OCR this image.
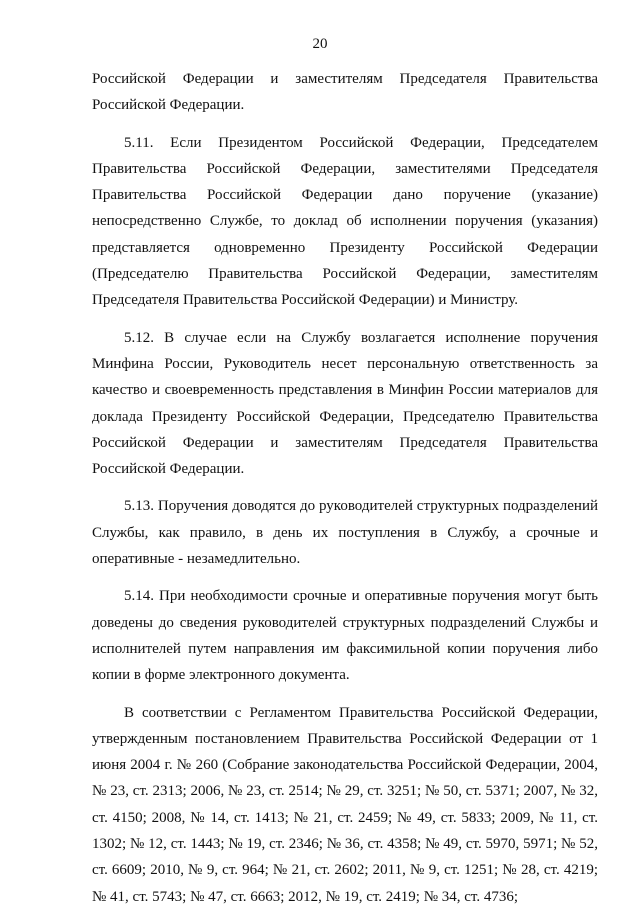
20

Российской Федерации и заместителям Председателя Правительства Российской Федерации.

5.11. Если Президентом Российской Федерации, Председателем Правительства Российской Федерации, заместителями Председателя Правительства Российской Федерации дано поручение (указание) непосредственно Службе, то доклад об исполнении поручения (указания) представляется одновременно Президенту Российской Федерации (Председателю Правительства Российской Федерации, заместителям Председателя Правительства Российской Федерации) и Министру.

5.12. В случае если на Службу возлагается исполнение поручения Минфина России, Руководитель несет персональную ответственность за качество и своевременность представления в Минфин России материалов для доклада Президенту Российской Федерации, Председателю Правительства Российской Федерации и заместителям Председателя Правительства Российской Федерации.

5.13. Поручения доводятся до руководителей структурных подразделений Службы, как правило, в день их поступления в Службу, а срочные и оперативные - незамедлительно.

5.14. При необходимости срочные и оперативные поручения могут быть доведены до сведения руководителей структурных подразделений Службы и исполнителей путем направления им факсимильной копии поручения либо копии в форме электронного документа.

В соответствии с Регламентом Правительства Российской Федерации, утвержденным постановлением Правительства Российской Федерации от 1 июня 2004 г. № 260 (Собрание законодательства Российской Федерации, 2004, № 23, ст. 2313; 2006, № 23, ст. 2514; № 29, ст. 3251; № 50, ст. 5371; 2007, № 32, ст. 4150; 2008, № 14, ст. 1413; № 21, ст. 2459; № 49, ст. 5833; 2009, № 11, ст. 1302; № 12, ст. 1443; № 19, ст. 2346; № 36, ст. 4358; № 49, ст. 5970, 5971; № 52, ст. 6609; 2010, № 9, ст. 964; № 21, ст. 2602; 2011, № 9, ст. 1251; № 28, ст. 4219; № 41, ст. 5743; № 47, ст. 6663; 2012, № 19, ст. 2419; № 34, ст. 4736;
